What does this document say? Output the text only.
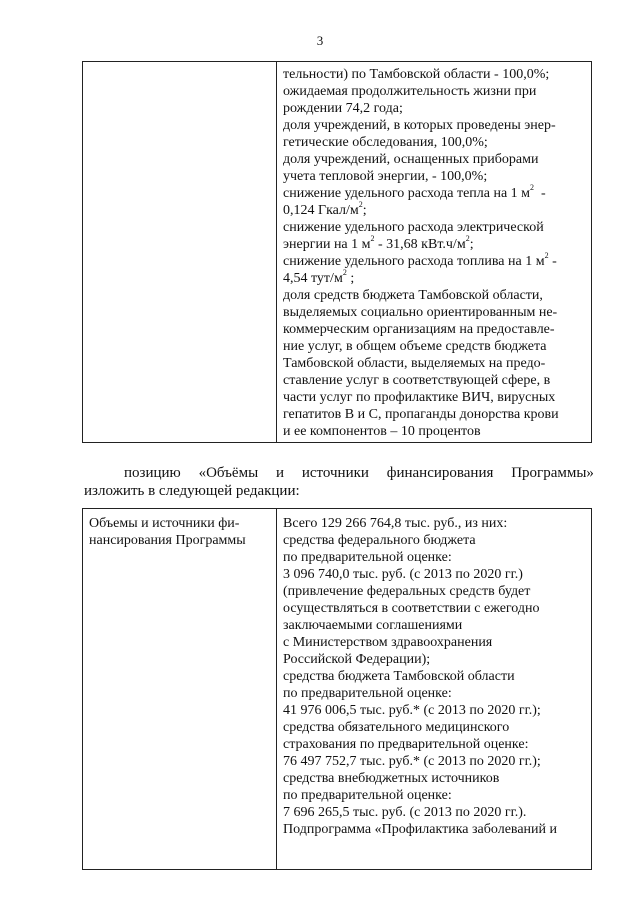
3
тельности) по Тамбовской области - 100,0%;
ожидаемая продолжительность жизни при
рождении 74,2 года;
доля учреждений, в которых проведены энер-
гетические обследования, 100,0%;
доля учреждений, оснащенных приборами
учета тепловой энергии, - 100,0%;
снижение удельного расхода тепла на 1 $м^2$  -
0,124 Гкал/$м^2$;
снижение удельного расхода электрической
энергии на 1 $м^2 - 31,68$ $кВт.ч/м^2$;
снижение удельного расхода топлива на 1 $м^2$ -
4,54 тут/$м^2$ ;
доля средств бюджета Тамбовской области,
выделяемых социально ориентированным не-
коммерческим организациям на предоставле-
ние услуг, в общем объеме средств бюджета
Тамбовской области, выделяемых на предо-
ставление услуг в соответствующей сфере, в
части услуг по профилактике ВИЧ, вирусных
гепатитов В и С, пропаганды донорства крови
и ее компонентов – 10 процентов
позицию «Объёмы и источники финансирования Программы»
изложить в следующей редакции:
Объемы и источники фи-
нансирования Программы
Всего 129 266 764,8 тыс. руб., из них:
средства федерального бюджета
по предварительной оценке:
3 096 740,0 тыс. руб. (с 2013 по 2020 гг.)
(привлечение федеральных средств будет
осуществляться в соответствии с ежегодно
заключаемыми соглашениями
с Министерством здравоохранения
Российской Федерации);
средства бюджета Тамбовской области
по предварительной оценке:
41 976 006,5 тыс. руб.* (с 2013 по 2020 гг.);
средства обязательного медицинского
страхования по предварительной оценке:
76 497 752,7 тыс. руб.* (с 2013 по 2020 гг.);
средства внебюджетных источников
по предварительной оценке:
7 696 265,5 тыс. руб. (с 2013 по 2020 гг.).
Подпрограмма «Профилактика заболеваний и
